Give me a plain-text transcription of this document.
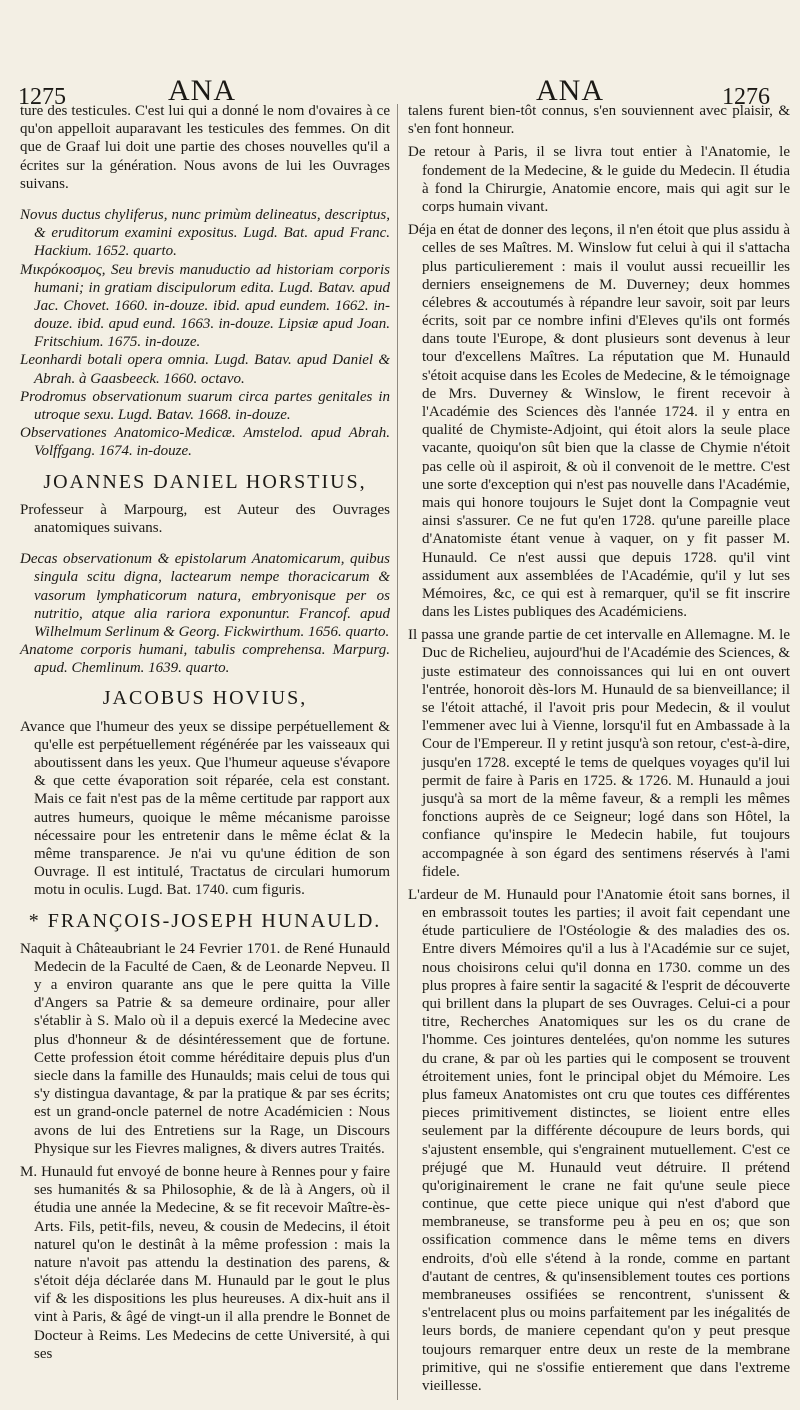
1275	ANA	ANA	1276

ture des testicules. C'est lui qui a donné le nom d'ovaires à ce qu'on appelloit auparavant les testicules des femmes. On dit que de Graaf lui doit une partie des choses nouvelles qu'il a écrites sur la génération. Nous avons de lui les Ouvrages suivans.

Novus ductus chyliferus, nunc primùm delineatus, descriptus, & eruditorum examini expositus. Lugd. Bat. apud Franc. Hackium. 1652. quarto.

Μικρόκοσμος, Seu brevis manuductio ad historiam corporis humani; in gratiam discipulorum edita. Lugd. Batav. apud Jac. Chovet. 1660. in-douze. ibid. apud eundem. 1662. in-douze. ibid. apud eund. 1663. in-douze. Lipsiæ apud Joan. Fritschium. 1675. in-douze.

Leonhardi botali opera omnia. Lugd. Batav. apud Daniel & Abrah. à Gaasbeeck. 1660. octavo.

Prodromus observationum suarum circa partes genitales in utroque sexu. Lugd. Batav. 1668. in-douze.

Observationes Anatomico-Medicæ. Amstelod. apud Abrah. Volffgang. 1674. in-douze.

JOANNES DANIEL HORSTIUS,

Professeur à Marpourg, est Auteur des Ouvrages anatomiques suivans.

Decas observationum & epistolarum Anatomicarum, quibus singula scitu digna, lactearum nempe thoracicarum & vasorum lymphaticorum natura, embryonisque per os nutritio, atque alia rariora exponuntur. Francof. apud Wilhelmum Serlinum & Georg. Fickwirthum. 1656. quarto.

Anatome corporis humani, tabulis comprehensa. Marpurg. apud. Chemlinum. 1639. quarto.

JACOBUS HOVIUS,

Avance que l'humeur des yeux se dissipe perpétuellement & qu'elle est perpétuellement régénérée par les vaisseaux qui aboutissent dans les yeux. Que l'humeur aqueuse s'évapore & que cette évaporation soit réparée, cela est constant. Mais ce fait n'est pas de la même certitude par rapport aux autres humeurs, quoique le même mécanisme paroisse nécessaire pour les entretenir dans le même éclat & la même transparence. Je n'ai vu qu'une édition de son Ouvrage. Il est intitulé, Tractatus de circulari humorum motu in oculis. Lugd. Bat. 1740. cum figuris.

* FRANÇOIS-JOSEPH HUNAULD.

Naquit à Châteaubriant le 24 Fevrier 1701. de René Hunauld Medecin de la Faculté de Caen, & de Leonarde Nepveu. Il y a environ quarante ans que le pere quitta la Ville d'Angers sa Patrie & sa demeure ordinaire, pour aller s'établir à S. Malo où il a depuis exercé la Medecine avec plus d'honneur & de désintéressement que de fortune. Cette profession étoit comme héréditaire depuis plus d'un siecle dans la famille des Hunaulds; mais celui de tous qui s'y distingua davantage, & par la pratique & par ses écrits; est un grand-oncle paternel de notre Académicien : Nous avons de lui des Entretiens sur la Rage, un Discours Physique sur les Fievres malignes, & divers autres Traités.

M. Hunauld fut envoyé de bonne heure à Rennes pour y faire ses humanités & sa Philosophie, & de là à Angers, où il étudia une année la Medecine, & se fit recevoir Maître-ès-Arts. Fils, petit-fils, neveu, & cousin de Medecins, il étoit naturel qu'on le destinât à la même profession : mais la nature n'avoit pas attendu la destination des parens, & s'étoit déja déclarée dans M. Hunauld par le gout le plus vif & les dispositions les plus heureuses. A dix-huit ans il vint à Paris, & âgé de vingt-un il alla prendre le Bonnet de Docteur à Reims. Les Medecins de cette Université, à qui ses

talens furent bien-tôt connus, s'en souviennent avec plaisir, & s'en font honneur.

De retour à Paris, il se livra tout entier à l'Anatomie, le fondement de la Medecine, & le guide du Medecin. Il étudia à fond la Chirurgie, Anatomie encore, mais qui agit sur le corps humain vivant.

Déja en état de donner des leçons, il n'en étoit que plus assidu à celles de ses Maîtres. M. Winslow fut celui à qui il s'attacha plus particulierement : mais il voulut aussi recueillir les derniers enseignemens de M. Duverney; deux hommes célebres & accoutumés à répandre leur savoir, soit par leurs écrits, soit par ce nombre infini d'Eleves qu'ils ont formés dans toute l'Europe, & dont plusieurs sont devenus à leur tour d'excellens Maîtres. La réputation que M. Hunauld s'étoit acquise dans les Ecoles de Medecine, & le témoignage de Mrs. Duverney & Winslow, le firent recevoir à l'Académie des Sciences dès l'année 1724. il y entra en qualité de Chymiste-Adjoint, qui étoit alors la seule place vacante, quoiqu'on sût bien que la classe de Chymie n'étoit pas celle où il aspiroit, & où il convenoit de le mettre. C'est une sorte d'exception qui n'est pas nouvelle dans l'Académie, mais qui honore toujours le Sujet dont la Compagnie veut ainsi s'assurer. Ce ne fut qu'en 1728. qu'une pareille place d'Anatomiste étant venue à vaquer, on y fit passer M. Hunauld. Ce n'est aussi que depuis 1728. qu'il vint assidument aux assemblées de l'Académie, qu'il y lut ses Mémoires, &c, ce qui est à remarquer, qu'il se fit inscrire dans les Listes publiques des Académiciens.

Il passa une grande partie de cet intervalle en Allemagne. M. le Duc de Richelieu, aujourd'hui de l'Académie des Sciences, & juste estimateur des connoissances qui lui en ont ouvert l'entrée, honoroit dès-lors M. Hunauld de sa bienveillance; il se l'étoit attaché, il l'avoit pris pour Medecin, & il voulut l'emmener avec lui à Vienne, lorsqu'il fut en Ambassade à la Cour de l'Empereur. Il y retint jusqu'à son retour, c'est-à-dire, jusqu'en 1728. excepté le tems de quelques voyages qu'il lui permit de faire à Paris en 1725. & 1726. M. Hunauld a joui jusqu'à sa mort de la même faveur, & a rempli les mêmes fonctions auprès de ce Seigneur; logé dans son Hôtel, la confiance qu'inspire le Medecin habile, fut toujours accompagnée à son égard des sentimens réservés à l'ami fidele.

L'ardeur de M. Hunauld pour l'Anatomie étoit sans bornes, il en embrassoit toutes les parties; il avoit fait cependant une étude particuliere de l'Ostéologie & des maladies des os. Entre divers Mémoires qu'il a lus à l'Académie sur ce sujet, nous choisirons celui qu'il donna en 1730. comme un des plus propres à faire sentir la sagacité & l'esprit de découverte qui brillent dans la plupart de ses Ouvrages. Celui-ci a pour titre, Recherches Anatomiques sur les os du crane de l'homme. Ces jointures dentelées, qu'on nomme les sutures du crane, & par où les parties qui le composent se trouvent étroitement unies, font le principal objet du Mémoire. Les plus fameux Anatomistes ont cru que toutes ces différentes pieces primitivement distinctes, se lioient entre elles seulement par la différente découpure de leurs bords, qui s'ajustent ensemble, qui s'engrainent mutuellement. C'est ce préjugé que M. Hunauld veut détruire. Il prétend qu'originairement le crane ne fait qu'une seule piece continue, que cette piece unique qui n'est d'abord que membraneuse, se transforme peu à peu en os; que son ossification commence dans le même tems en divers endroits, d'où elle s'étend à la ronde, comme en partant d'autant de centres, & qu'insensiblement toutes ces portions membraneuses ossifiées se rencontrent, s'unissent & s'entrelacent plus ou moins parfaitement par les inégalités de leurs bords, de maniere cependant qu'on y peut presque toujours remarquer entre deux un reste de la membrane primitive, qui ne s'ossifie entierement que dans l'extreme vieillesse.
